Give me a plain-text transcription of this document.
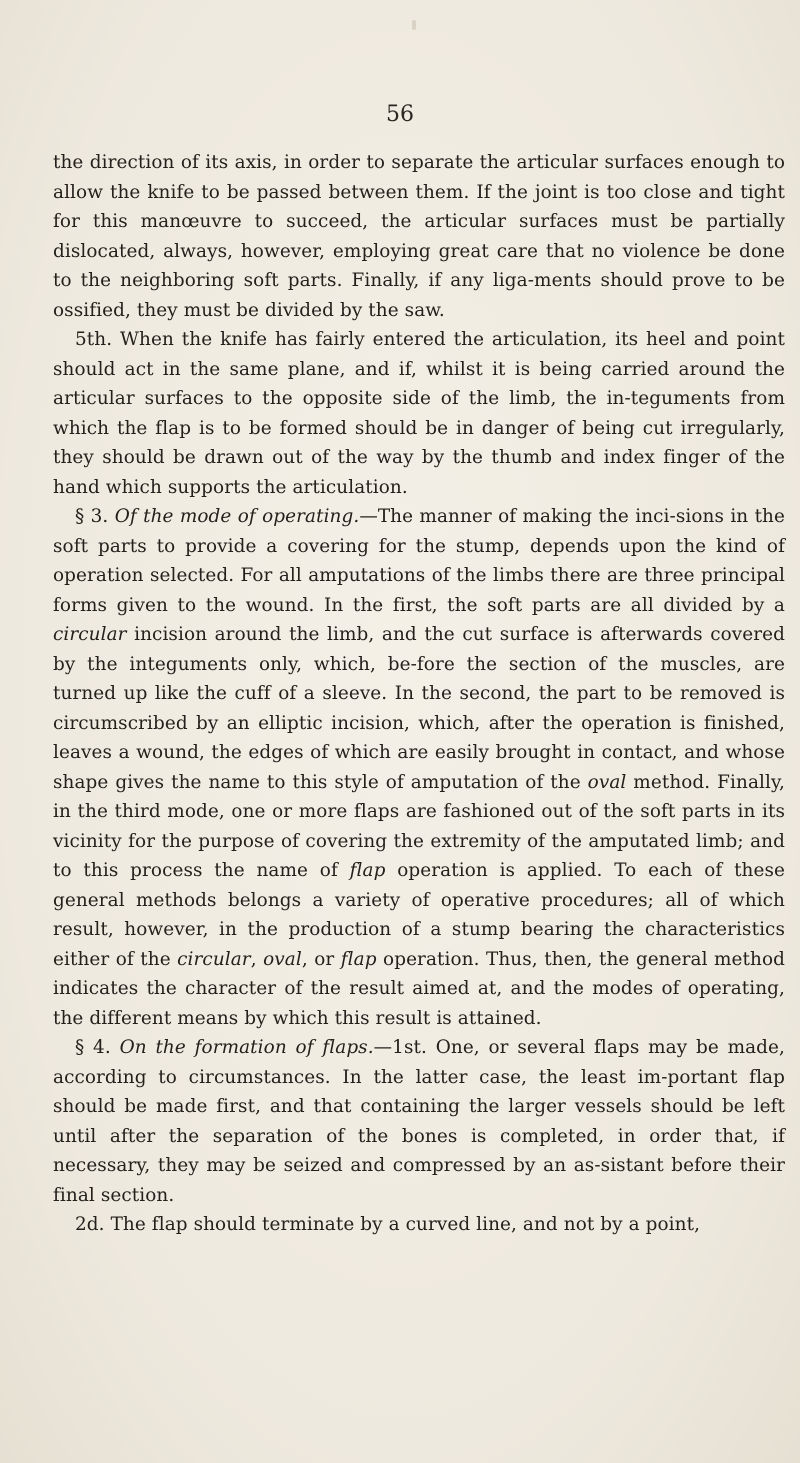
56

the direction of its axis, in order to separate the articular surfaces enough to allow the knife to be passed between them. If the joint is too close and tight for this manœuvre to succeed, the articular surfaces must be partially dislocated, always, however, employing great care that no violence be done to the neighboring soft parts. Finally, if any liga-ments should prove to be ossified, they must be divided by the saw.

5th. When the knife has fairly entered the articulation, its heel and point should act in the same plane, and if, whilst it is being carried around the articular surfaces to the opposite side of the limb, the in-teguments from which the flap is to be formed should be in danger of being cut irregularly, they should be drawn out of the way by the thumb and index finger of the hand which supports the articulation.

§ 3. Of the mode of operating.—The manner of making the inci-sions in the soft parts to provide a covering for the stump, depends upon the kind of operation selected. For all amputations of the limbs there are three principal forms given to the wound. In the first, the soft parts are all divided by a circular incision around the limb, and the cut surface is afterwards covered by the integuments only, which, be-fore the section of the muscles, are turned up like the cuff of a sleeve. In the second, the part to be removed is circumscribed by an elliptic incision, which, after the operation is finished, leaves a wound, the edges of which are easily brought in contact, and whose shape gives the name to this style of amputation of the oval method. Finally, in the third mode, one or more flaps are fashioned out of the soft parts in its vicinity for the purpose of covering the extremity of the amputated limb; and to this process the name of flap operation is applied. To each of these general methods belongs a variety of operative procedures; all of which result, however, in the production of a stump bearing the characteristics either of the circular, oval, or flap operation. Thus, then, the general method indicates the character of the result aimed at, and the modes of operating, the different means by which this result is attained.

§ 4. On the formation of flaps.—1st. One, or several flaps may be made, according to circumstances. In the latter case, the least im-portant flap should be made first, and that containing the larger vessels should be left until after the separation of the bones is completed, in order that, if necessary, they may be seized and compressed by an as-sistant before their final section.

2d. The flap should terminate by a curved line, and not by a point,
